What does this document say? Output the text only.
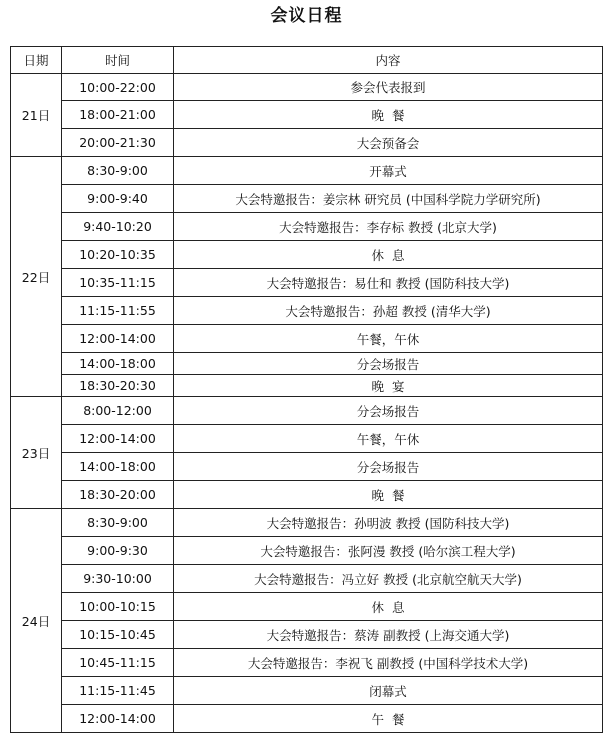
会议日程
日期	时间	内容
21日	10:00-22:00	参会代表报到
	18:00-21:00	晚  餐
	20:00-21:30	大会预备会
22日	8:30-9:00	开幕式
	9:00-9:40	大会特邀报告：姜宗林 研究员 (中国科学院力学研究所)
	9:40-10:20	大会特邀报告：李存标 教授 (北京大学)
	10:20-10:35	休  息
	10:35-11:15	大会特邀报告：易仕和 教授 (国防科技大学)
	11:15-11:55	大会特邀报告：孙超 教授 (清华大学)
	12:00-14:00	午餐，午休
	14:00-18:00	分会场报告
	18:30-20:30	晚  宴
23日	8:00-12:00	分会场报告
	12:00-14:00	午餐，午休
	14:00-18:00	分会场报告
	18:30-20:00	晚  餐
24日	8:30-9:00	大会特邀报告：孙明波 教授 (国防科技大学)
	9:00-9:30	大会特邀报告：张阿漫 教授 (哈尔滨工程大学)
	9:30-10:00	大会特邀报告：冯立好 教授 (北京航空航天大学)
	10:00-10:15	休  息
	10:15-10:45	大会特邀报告：蔡涛 副教授 (上海交通大学)
	10:45-11:15	大会特邀报告：李祝飞 副教授 (中国科学技术大学)
	11:15-11:45	闭幕式
	12:00-14:00	午  餐
